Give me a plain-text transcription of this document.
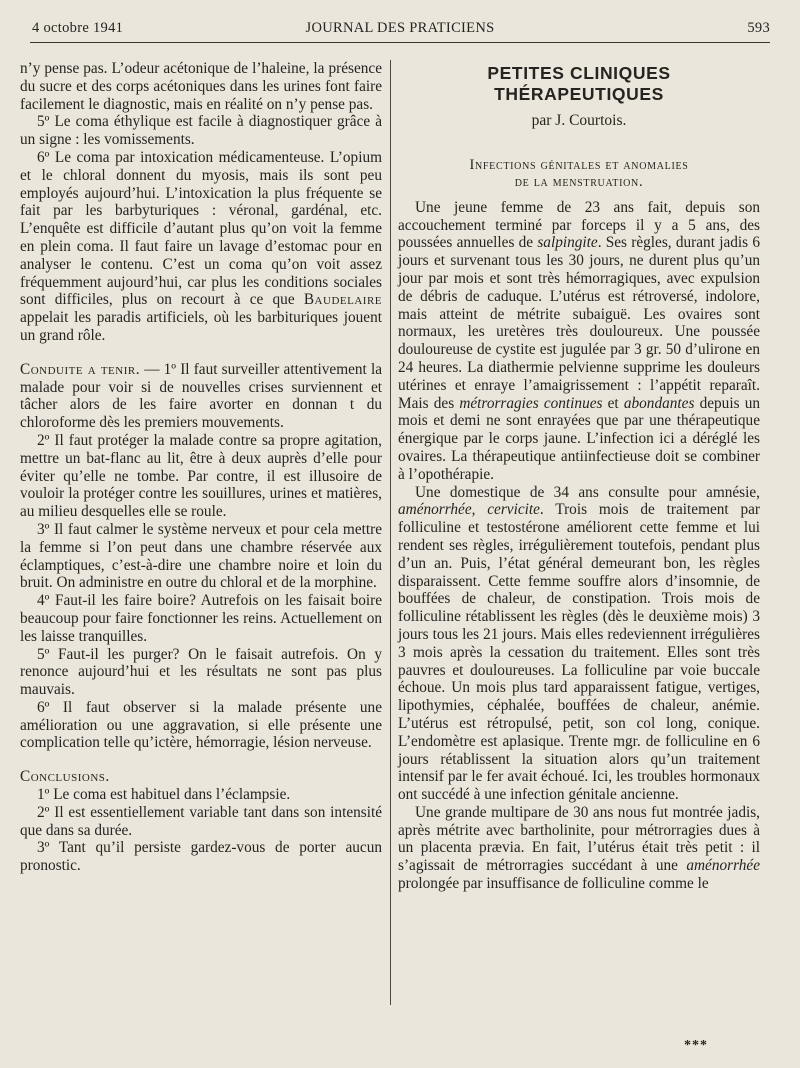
4 octobre 1941	JOURNAL DES PRATICIENS	593

n’y pense pas. L’odeur acétonique de l’haleine, la présence du sucre et des corps acétoniques dans les urines font faire facilement le diagnostic, mais en réalité on n’y pense pas.

5º Le coma éthylique est facile à diagnostiquer grâce à un signe : les vomissements.

6º Le coma par intoxication médicamenteuse. L’opium et le chloral donnent du myosis, mais ils sont peu employés aujourd’hui. L’intoxication la plus fréquente se fait par les barbyturiques : véronal, gardénal, etc. L’enquête est difficile d’autant plus qu’on voit la femme en plein coma. Il faut faire un lavage d’estomac pour en analyser le contenu. C’est un coma qu’on voit assez fréquemment aujourd’hui, car plus les conditions sociales sont difficiles, plus on recourt à ce que Baudelaire appelait les paradis artificiels, où les barbituriques jouent un grand rôle.

Conduite a tenir. — 1º Il faut surveiller attentivement la malade pour voir si de nouvelles crises surviennent et tâcher alors de les faire avorter en donnan t du chloroforme dès les premiers mouvements.

2º Il faut protéger la malade contre sa propre agitation, mettre un bat-flanc au lit, être à deux auprès d’elle pour éviter qu’elle ne tombe. Par contre, il est illusoire de vouloir la protéger contre les souillures, urines et matières, au milieu desquelles elle se roule.

3º Il faut calmer le système nerveux et pour cela mettre la femme si l’on peut dans une chambre réservée aux éclamptiques, c’est-à-dire une chambre noire et loin du bruit. On administre en outre du chloral et de la morphine.

4º Faut-il les faire boire? Autrefois on les faisait boire beaucoup pour faire fonctionner les reins. Actuellement on les laisse tranquilles.

5º Faut-il les purger? On le faisait autrefois. On y renonce aujourd’hui et les résultats ne sont pas plus mauvais.

6º Il faut observer si la malade présente une amélioration ou une aggravation, si elle présente une complication telle qu’ictère, hémorragie, lésion nerveuse.

Conclusions.

1º Le coma est habituel dans l’éclampsie.

2º Il est essentiellement variable tant dans son intensité que dans sa durée.

3º Tant qu’il persiste gardez-vous de porter aucun pronostic.

PETITES CLINIQUES
THÉRAPEUTIQUES
par J. Courtois.
Infections génitales et anomalies
de la menstruation.

Une jeune femme de 23 ans fait, depuis son accouchement terminé par forceps il y a 5 ans, des poussées annuelles de salpingite. Ses règles, durant jadis 6 jours et survenant tous les 30 jours, ne durent plus qu’un jour par mois et sont très hémorragiques, avec expulsion de débris de caduque. L’utérus est rétroversé, indolore, mais atteint de métrite subaiguë. Les ovaires sont normaux, les uretères très douloureux. Une poussée douloureuse de cystite est jugulée par 3 gr. 50 d’ulirone en 24 heures. La diathermie pelvienne supprime les douleurs utérines et enraye l’amaigrissement : l’appétit reparaît. Mais des métrorragies continues et abondantes depuis un mois et demi ne sont enrayées que par une thérapeutique énergique par le corps jaune. L’infection ici a déréglé les ovaires. La thérapeutique antiinfectieuse doit se combiner à l’opothérapie.

Une domestique de 34 ans consulte pour amnésie, aménorrhée, cervicite. Trois mois de traitement par folliculine et testostérone améliorent cette femme et lui rendent ses règles, irrégulièrement toutefois, pendant plus d’un an. Puis, l’état général demeurant bon, les règles disparaissent. Cette femme souffre alors d’insomnie, de bouffées de chaleur, de constipation. Trois mois de folliculine rétablissent les règles (dès le deuxième mois) 3 jours tous les 21 jours. Mais elles redeviennent irrégulières 3 mois après la cessation du traitement. Elles sont très pauvres et douloureuses. La folliculine par voie buccale échoue. Un mois plus tard apparaissent fatigue, vertiges, lipothymies, céphalée, bouffées de chaleur, anémie. L’utérus est rétropulsé, petit, son col long, conique. L’endomètre est aplasique. Trente mgr. de folliculine en 6 jours rétablissent la situation alors qu’un traitement intensif par le fer avait échoué. Ici, les troubles hormonaux ont succédé à une infection génitale ancienne.

Une grande multipare de 30 ans nous fut montrée jadis, après métrite avec bartholinite, pour métrorragies dues à un placenta prævia. En fait, l’utérus était très petit : il s’agissait de métrorragies succédant à une aménorrhée prolongée par insuffisance de folliculine comme le

***
